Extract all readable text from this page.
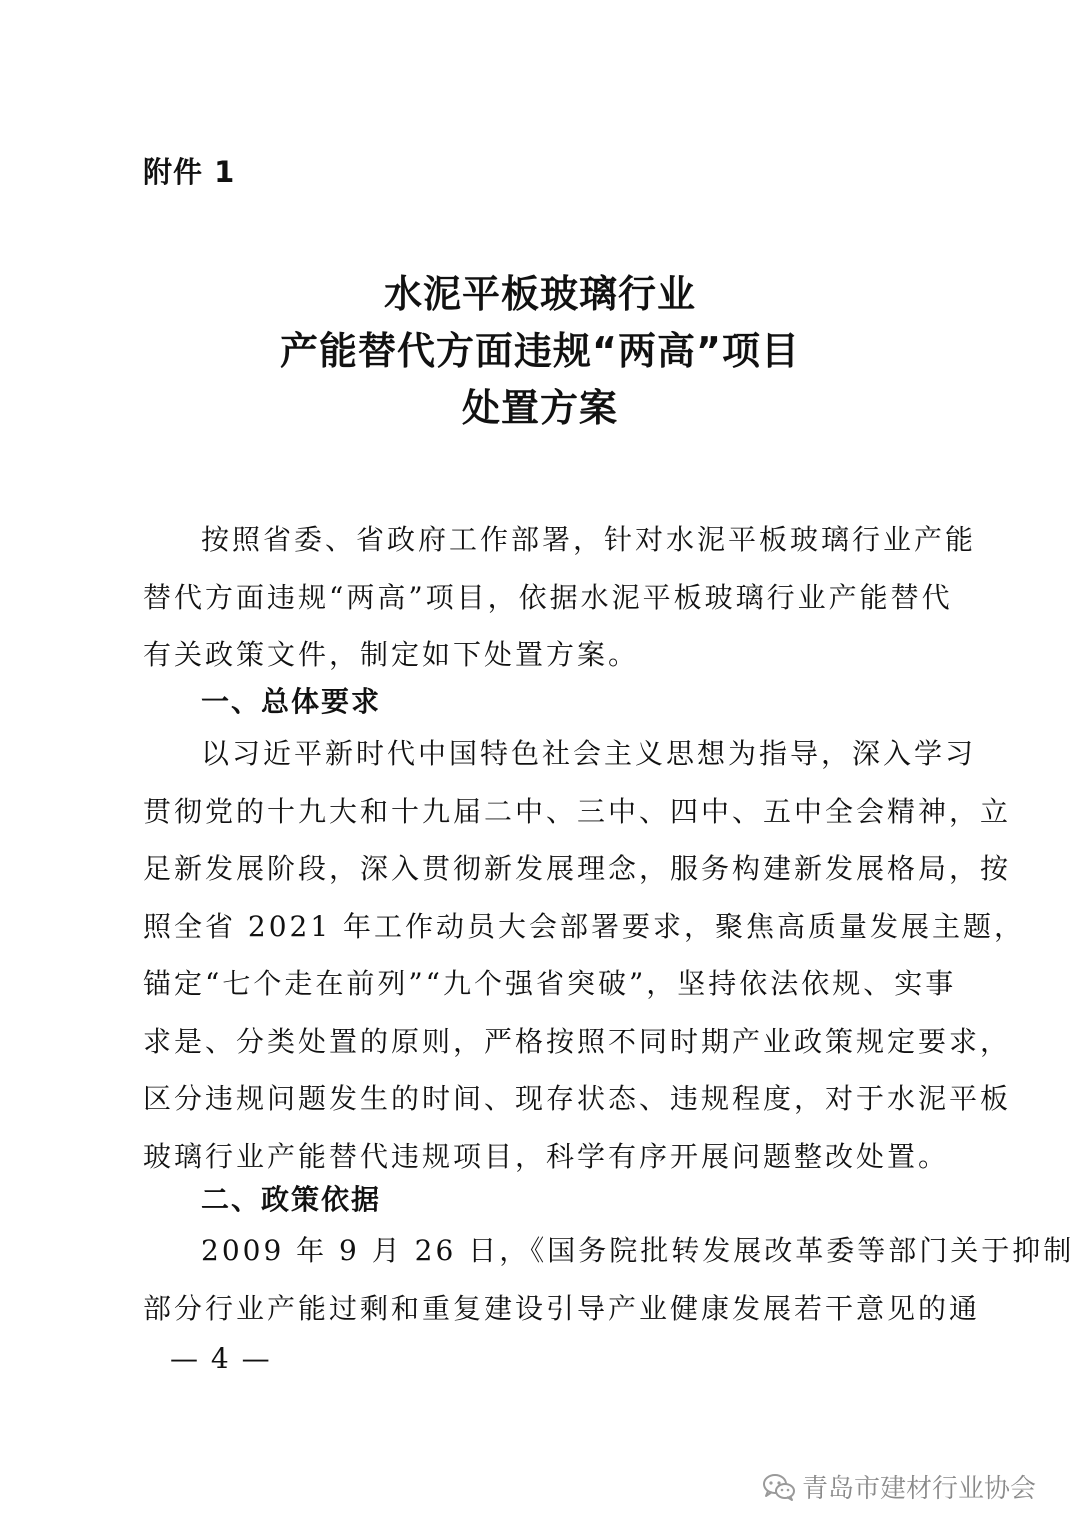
附件 1
水泥平板玻璃行业
产能替代方面违规“两高”项目
处置方案
按照省委、省政府工作部署，针对水泥平板玻璃行业产能
替代方面违规“两高”项目，依据水泥平板玻璃行业产能替代
有关政策文件，制定如下处置方案。
一、总体要求
以习近平新时代中国特色社会主义思想为指导，深入学习
贯彻党的十九大和十九届二中、三中、四中、五中全会精神，立
足新发展阶段，深入贯彻新发展理念，服务构建新发展格局，按
照全省 2021 年工作动员大会部署要求，聚焦高质量发展主题，
锚定“七个走在前列”“九个强省突破”，坚持依法依规、实事
求是、分类处置的原则，严格按照不同时期产业政策规定要求，
区分违规问题发生的时间、现存状态、违规程度，对于水泥平板
玻璃行业产能替代违规项目，科学有序开展问题整改处置。
二、政策依据
2009 年 9 月 26 日，《国务院批转发展改革委等部门关于抑制
部分行业产能过剩和重复建设引导产业健康发展若干意见的通
— 4 —
青岛市建材行业协会
